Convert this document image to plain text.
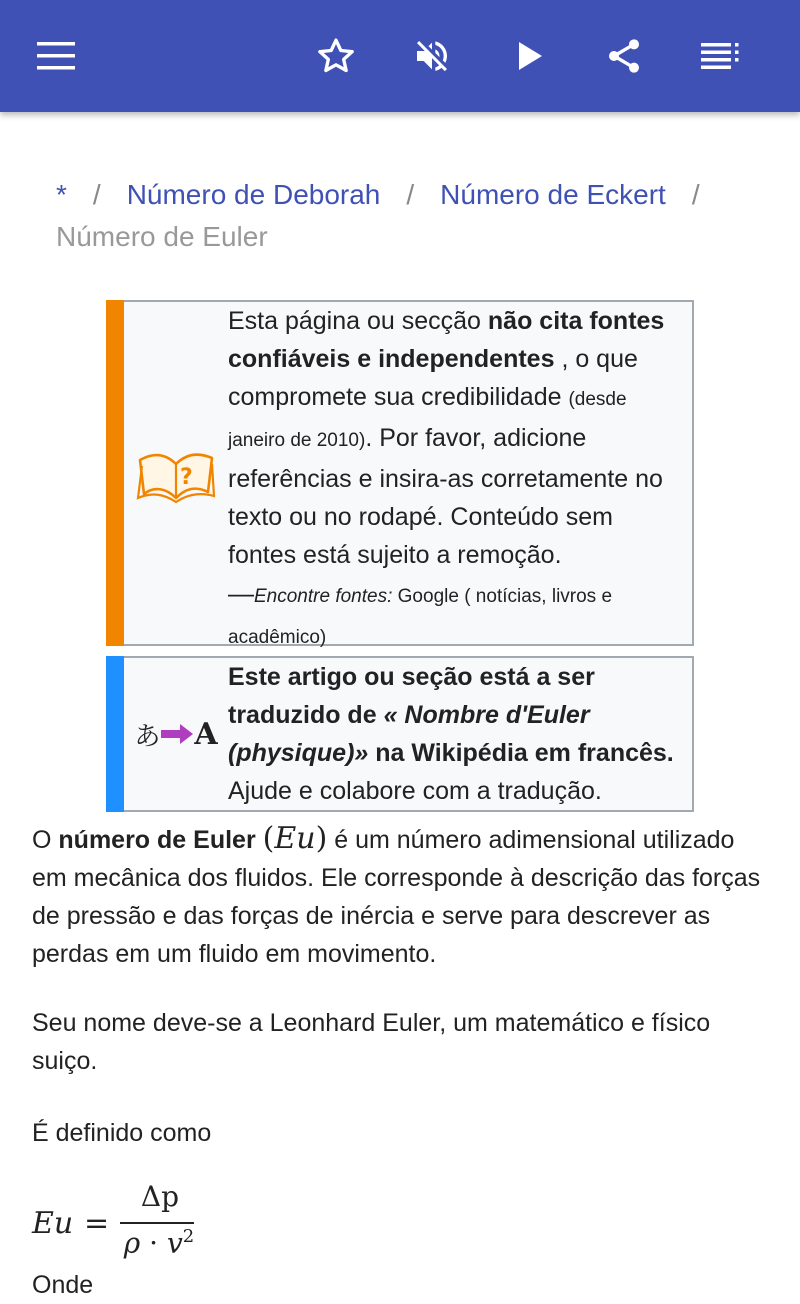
* / Número de Deborah / Número de Eckert /
Número de Euler
?
Esta página ou secção não cita fontes confiáveis e independentes , o que compromete sua credibilidade (desde janeiro de 2010). Por favor, adicione referências e insira-as corretamente no texto ou no rodapé. Conteúdo sem fontes está sujeito a remoção.
—Encontre fontes: Google ( notícias, livros e acadêmico)
あ A
Este artigo ou seção está a ser traduzido de « Nombre d'Euler (physique)» na Wikipédia em francês.
Ajude e colabore com a tradução.

O número de Euler (Eu) é um número adimensional utilizado em mecânica dos fluidos. Ele corresponde à descrição das forças de pressão e das forças de inércia e serve para descrever as perdas em um fluido em movimento.

Seu nome deve-se a Leonhard Euler, um matemático e físico suiço.

É definido como

Eu =
Δp
$\rho \cdot v^2$

Onde
